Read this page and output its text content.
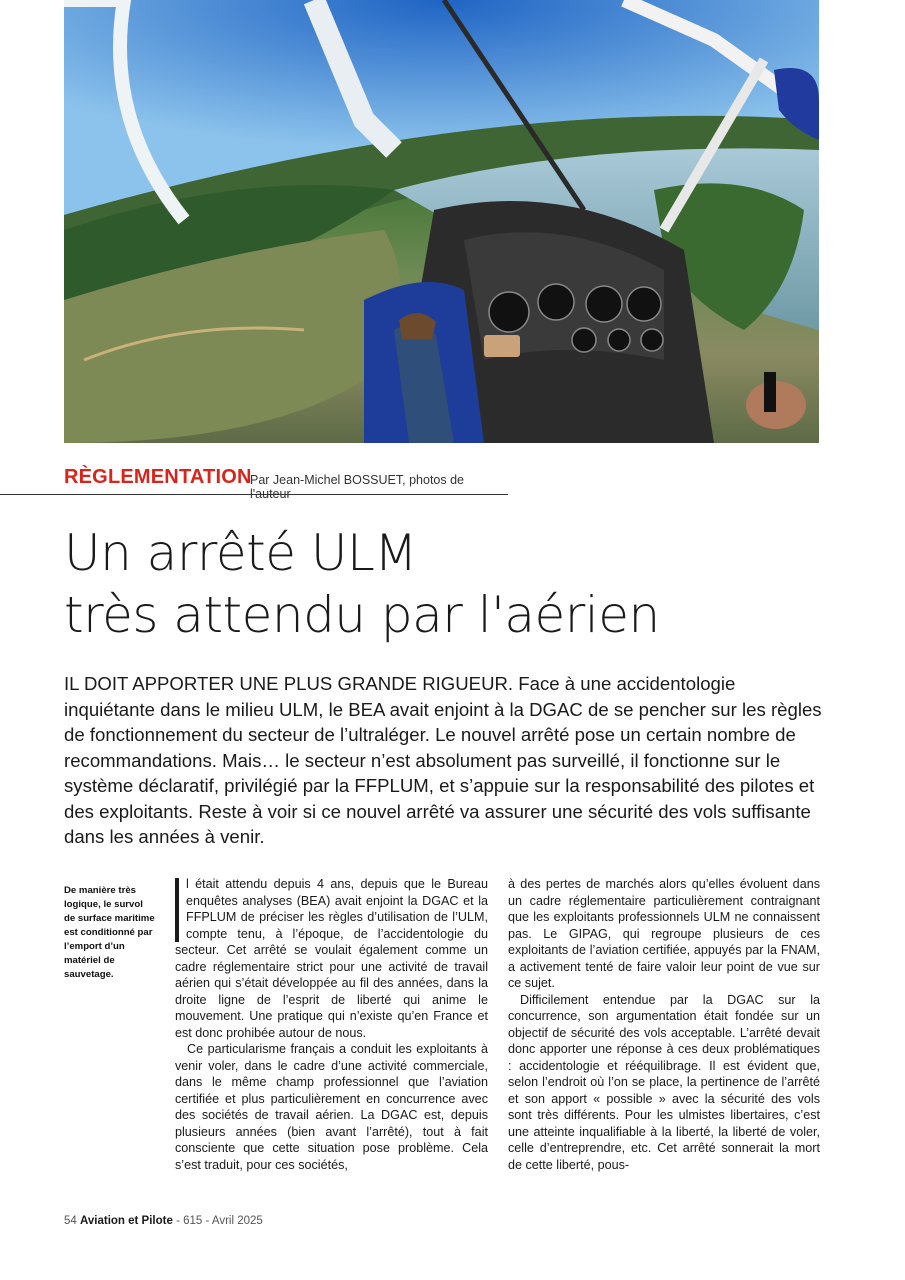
RÈGLEMENTATION
Par Jean-Michel BOSSUET, photos de l'auteur
Un arrêté ULM
très attendu par l'aérien

IL DOIT APPORTER UNE PLUS GRANDE RIGUEUR. Face à une accidentologie inquiétante dans le milieu ULM, le BEA avait enjoint à la DGAC de se pencher sur les règles de fonctionnement du secteur de l’ultraléger. Le nouvel arrêté pose un certain nombre de recommandations. Mais… le secteur n’est absolument pas surveillé, il fonctionne sur le système déclaratif, privilégié par la FFPLUM, et s’appuie sur la responsabilité des pilotes et des exploitants. Reste à voir si ce nouvel arrêté va assurer une sécurité des vols suffisante dans les années à venir.

De manière très logique, le survol de surface maritime est conditionné par l’emport d’un matériel de sauvetage.

l était attendu depuis 4 ans, depuis que le Bureau enquêtes analyses (BEA) avait enjoint la DGAC et la FFPLUM de préciser les règles d’utilisation de l’ULM, compte tenu, à l’époque, de l’accidentologie du secteur. Cet arrêté se voulait également comme un cadre réglementaire strict pour une activité de travail aérien qui s’était développée au fil des années, dans la droite ligne de l’esprit de liberté qui anime le mouvement. Une pratique qui n’existe qu’en France et est donc prohibée autour de nous.

Ce particularisme français a conduit les exploitants à venir voler, dans le cadre d’une activité commerciale, dans le même champ professionnel que l’aviation certifiée et plus particulièrement en concurrence avec des sociétés de travail aérien. La DGAC est, depuis plusieurs années (bien avant l’arrêté), tout à fait consciente que cette situation pose problème. Cela s’est traduit, pour ces sociétés,

à des pertes de marchés alors qu’elles évoluent dans un cadre réglementaire particulièrement contraignant que les exploitants professionnels ULM ne connaissent pas. Le GIPAG, qui regroupe plusieurs de ces exploitants de l’aviation certifiée, appuyés par la FNAM, a activement tenté de faire valoir leur point de vue sur ce sujet.

Difficilement entendue par la DGAC sur la concurrence, son argumentation était fondée sur un objectif de sécurité des vols acceptable. L’arrêté devait donc apporter une réponse à ces deux problématiques : accidentologie et rééquilibrage. Il est évident que, selon l’endroit où l’on se place, la pertinence de l’arrêté et son apport « possible » avec la sécurité des vols sont très différents. Pour les ulmistes libertaires, c’est une atteinte inqualifiable à la liberté, la liberté de voler, celle d’entreprendre, etc. Cet arrêté sonnerait la mort de cette liberté, pous-

54 Aviation et Pilote - 615 - Avril 2025
